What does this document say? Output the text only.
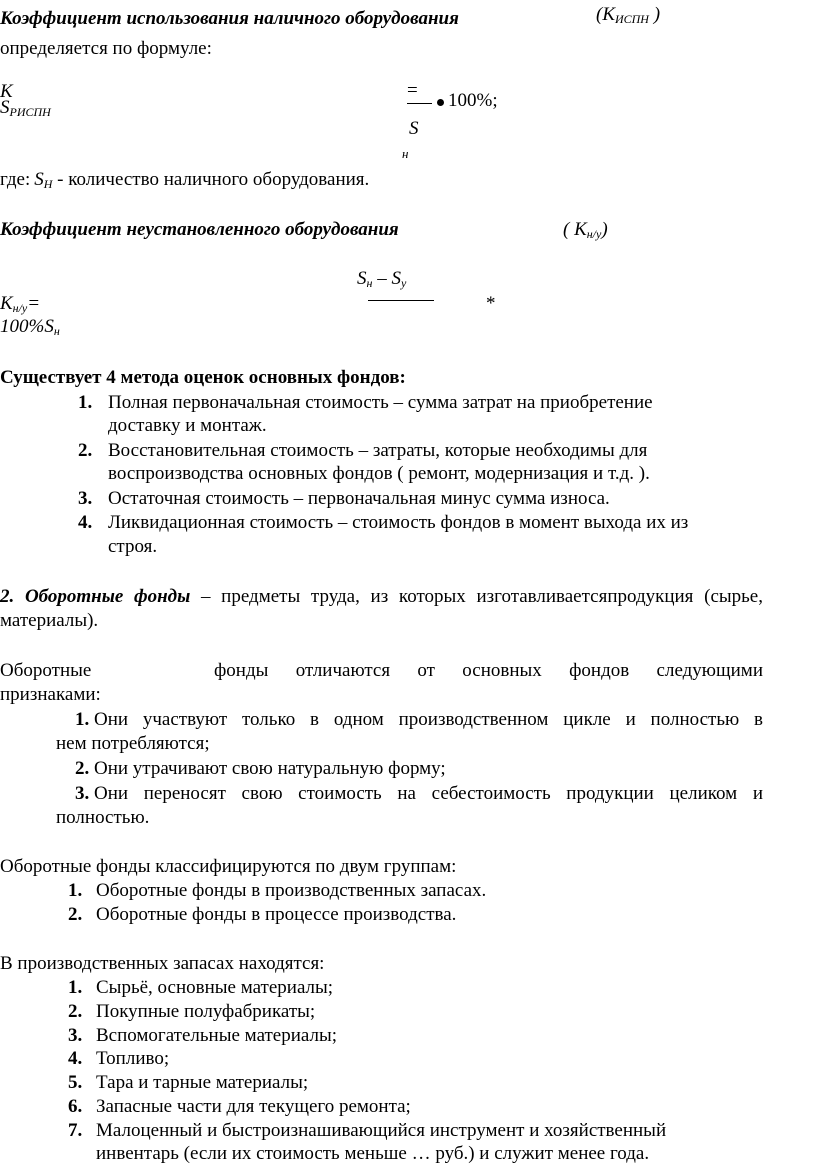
Коэффициент использования наличного оборудования	($К_{ИСПН}$ )
определяется по формуле:
К
$S_{РИСПН}$
= 100%;
S
н
где: $S_Н$ - количество наличного оборудования.
Коэффициент неустановленного оборудования	( $К_{н/у}$)
$S_н - S_у$
*
$К_{н/у}=$
$100\%S_н$
Существует 4 метода оценок основных фондов:
1. Полная первоначальная стоимость – сумма затрат на приобретение
доставку и монтаж.
2. Восстановительная стоимость – затраты, которые необходимы для
воспроизводства основных фондов ( ремонт, модернизация и т.д. ).
3. Остаточная стоимость – первоначальная минус сумма износа.
4. Ликвидационная стоимость – стоимость фондов в момент выхода их из
строя.
2. Оборотные фонды – предметы труда, из которых изготавливаетсяпродукция (сырье,
материалы).
Оборотные	фонды отличаются от основных фондов следующими
признаками:
1. Они участвуют только в одном производственном цикле и полностью в
нем потребляются;
2. Они утрачивают свою натуральную форму;
3. Они переносят свою стоимость на себестоимость продукции целиком и
полностью.
Оборотные фонды классифицируются по двум группам:
1. Оборотные фонды в производственных запасах.
2. Оборотные фонды в процессе производства.
В производственных запасах находятся:
1. Сырьё, основные материалы;
2. Покупные полуфабрикаты;
3. Вспомогательные материалы;
4. Топливо;
5. Тара и тарные материалы;
6. Запасные части для текущего ремонта;
7. Малоценный и быстроизнашивающийся инструмент и хозяйственный
инвентарь (если их стоимость меньше … руб.) и служит менее года.
